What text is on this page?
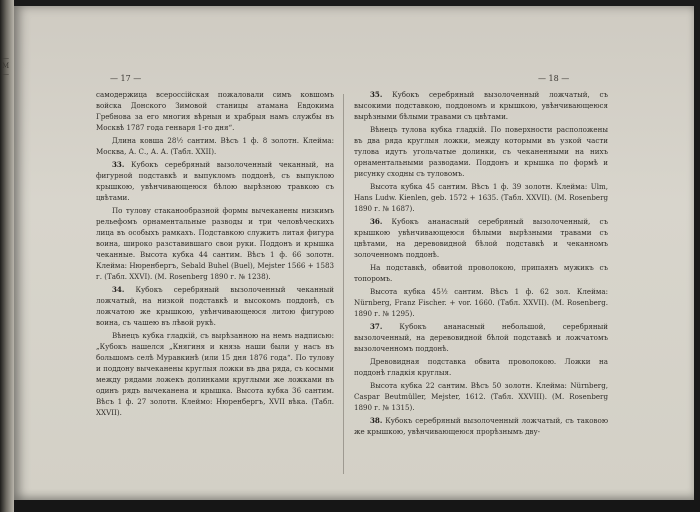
— M —	— 17 —	— 18 —

самодержица всероссійская пожаловали симъ ковшомъ войска Донского Зимовой станицы атамана Евдокима Гребнова за его многия вѣрныя и храбрыя намъ службы въ Москвѣ 1787 года генваря 1-го дня“.

Длина ковша 28½ сантим. Вѣсъ 1 ф. 8 золотн. Клейма: Москва, А. С., А. А. (Табл. XXII).

33. Кубокъ серебряный вызолоченный чеканный, на фигурной подставкѣ и выпукломъ поддонѣ, съ выпуклою крышкою, увѣнчивающеюся бѣлою вырѣзною травкою съ цвѣтами.

По тулову стаканообразной формы вычеканены низкимъ рельефомъ орнаментальные разводы и три человѣческихъ лица въ особыхъ рамкахъ. Подставкою служитъ литая фигура воина, широко разставившаго свои руки. Поддонъ и крышка чеканные. Высота кубка 44 сантим. Вѣсъ 1 ф. 66 золотн. Клейма: Нюренбергъ, Sebald Buhel (Buel), Mejster 1566 + 1583 г. (Табл. XXVI). (M. Rosenberg 1890 г. № 1238).

34. Кубокъ серебряный вызолоченный чеканный ложчатый, на низкой подставкѣ и высокомъ поддонѣ, съ ложчатою же крышкою, увѣнчивающеюся литою фигурою воина, съ чашею въ лѣвой рукѣ.

Вѣнецъ кубка гладкій, съ вырѣзанною на немъ надписью: „Кубокъ нашелся „Княгиня и князь наши были у насъ въ большомъ селѣ Муравкинѣ (или 15 дня 1876 года“. По тулову и поддону вычеканены круглыя ложки въ два ряда, съ косыми между рядами ложекъ долинками круглыми же ложками въ одинъ рядъ вычеканена и крышка. Высота кубка 36 сантим. Вѣсъ 1 ф. 27 золотн. Клеймо: Нюренбергъ, XVII вѣка. (Табл. XXVII).

35. Кубокъ серебряный вызолоченный ложчатый, съ высокими подставкою, поддономъ и крышкою, увѣнчивающеюся вырѣзными бѣлыми травами съ цвѣтами.

Вѣнецъ тулова кубка гладкій. По поверхности расположены въ два ряда круглыя ложки, между которыми въ узкой части тулова идутъ угольчатые долинки, съ чеканенными на нихъ орнаментальными разводами. Поддонъ и крышка по формѣ и рисунку сходны съ туловомъ.

Высота кубка 45 сантим. Вѣсъ 1 ф. 39 золотн. Клейма: Ulm, Hans Ludw. Kienlen, geb. 1572 + 1635. (Табл. XXVII). (M. Rosenberg 1890 г. № 1687).

36. Кубокъ ананасный серебряный вызолоченный, съ крышкою увѣнчивающеюся бѣлыми вырѣзными травами съ цвѣтами, на деревовидной бѣлой подставкѣ и чеканномъ золоченномъ поддонѣ.

На подставкѣ, обвитой проволокою, припаянъ мужикъ съ топоромъ.

Высота кубка 45½ сантим. Вѣсъ 1 ф. 62 зол. Клейма: Nürnberg, Franz Fischer. + vor. 1660. (Табл. XXVII). (M. Rosenberg. 1890 г. № 1295).

37. Кубокъ ананасный небольшой, серебряный вызолоченный, на деревовидной бѣлой подставкѣ и ложчатомъ вызолоченномъ поддонѣ.

Древовидная подставка обвита проволокою. Ложки на поддонѣ гладкія круглыя.

Высота кубка 22 сантим. Вѣсъ 50 золотн. Клейма: Nürnberg, Caspar Beutmüller, Mejster, 1612. (Табл. XXVIII). (M. Rosenberg 1890 г. № 1315).

38. Кубокъ серебряный вызолоченный ложчатый, съ таковою же крышкою, увѣнчивающеюся прорѣзнымъ дву-
